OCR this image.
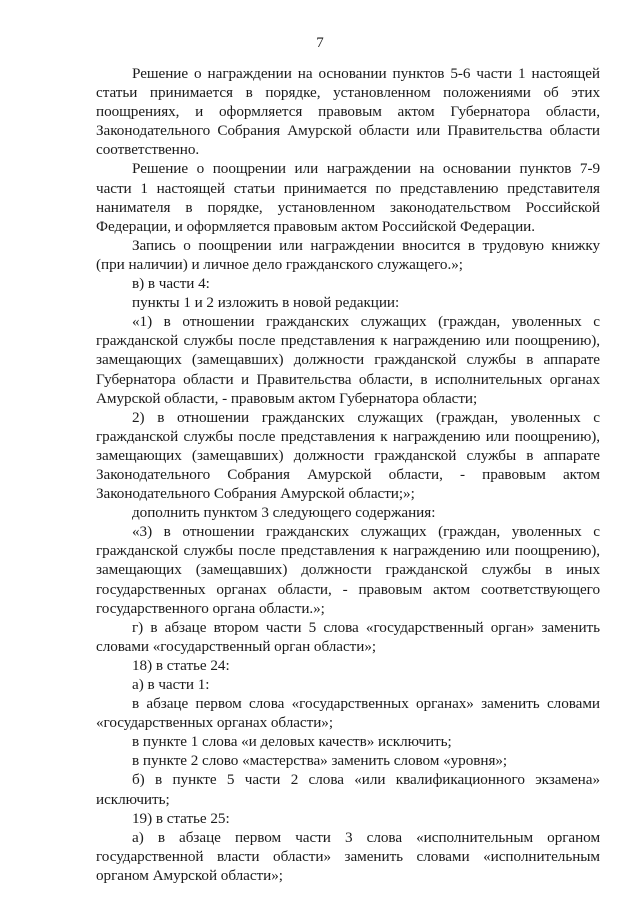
7

Решение о награждении на основании пунктов 5-6 части 1 настоящей статьи принимается в порядке, установленном положениями об этих поощрениях, и оформляется правовым актом Губернатора области, Законодательного Собрания Амурской области или Правительства области соответственно.

Решение о поощрении или награждении на основании пунктов 7-9 части 1 настоящей статьи принимается по представлению представителя нанимателя в порядке, установленном законодательством Российской Федерации, и оформляется правовым актом Российской Федерации.

Запись о поощрении или награждении вносится в трудовую книжку (при наличии) и личное дело гражданского служащего.»;

в) в части 4:

пункты 1 и 2 изложить в новой редакции:

«1) в отношении гражданских служащих (граждан, уволенных с гражданской службы после представления к награждению или поощрению), замещающих (замещавших) должности гражданской службы в аппарате Губернатора области и Правительства области, в исполнительных органах Амурской области, - правовым актом Губернатора области;

2) в отношении гражданских служащих (граждан, уволенных с гражданской службы после представления к награждению или поощрению), замещающих (замещавших) должности гражданской службы в аппарате Законодательного Собрания Амурской области, - правовым актом Законодательного Собрания Амурской области;»;

дополнить пунктом 3 следующего содержания:

«3) в отношении гражданских служащих (граждан, уволенных с гражданской службы после представления к награждению или поощрению), замещающих (замещавших) должности гражданской службы в иных государственных органах области, - правовым актом соответствующего государственного органа области.»;

г) в абзаце втором части 5 слова «государственный орган» заменить словами «государственный орган области»;

18) в статье 24:

а) в части 1:

в абзаце первом слова «государственных органах» заменить словами «государственных органах области»;

в пункте 1 слова «и деловых качеств» исключить;

в пункте 2 слово «мастерства» заменить словом «уровня»;

б) в пункте 5 части 2 слова «или квалификационного экзамена» исключить;

19) в статье 25:

а) в абзаце первом части 3 слова «исполнительным органом государственной власти области» заменить словами «исполнительным органом Амурской области»;
